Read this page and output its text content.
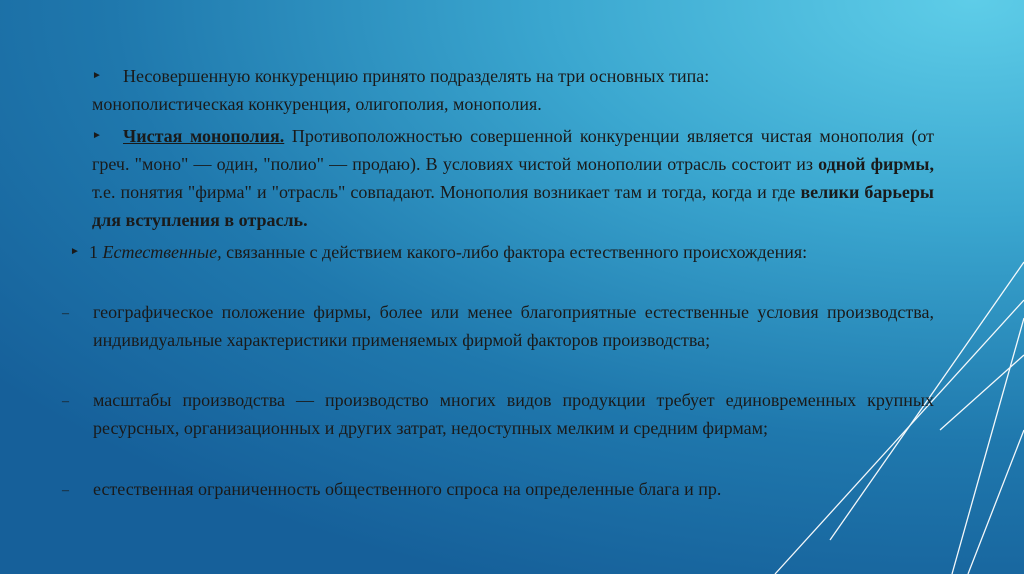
► Несовершенную конкуренцию принято подразделять на три основных типа:
монополистическая конкуренция, олигополия, монополия.
►	Чистая монополия. Противоположностью совершенной конкуренции является чистая монополия (от греч. "моно" — один, "полио" — продаю). В условиях чистой монополии отрасль состоит из одной фирмы, т.е. понятия "фирма" и "отрасль" совпадают. Монополия возникает там и тогда, когда и где велики барьеры для вступления в отрасль.
► 1 Естественные, связанные с действием какого-либо фактора естественного происхождения:
– географическое положение фирмы, более или менее благоприятные естественные условия производства, индивидуальные характеристики применяемых фирмой факторов производства;
– масштабы производства — производство многих видов продукции требует единовременных крупных ресурсных, организационных и других затрат, недоступных мелким и средним фирмам;
– естественная ограниченность общественного спроса на определенные блага и пр.
